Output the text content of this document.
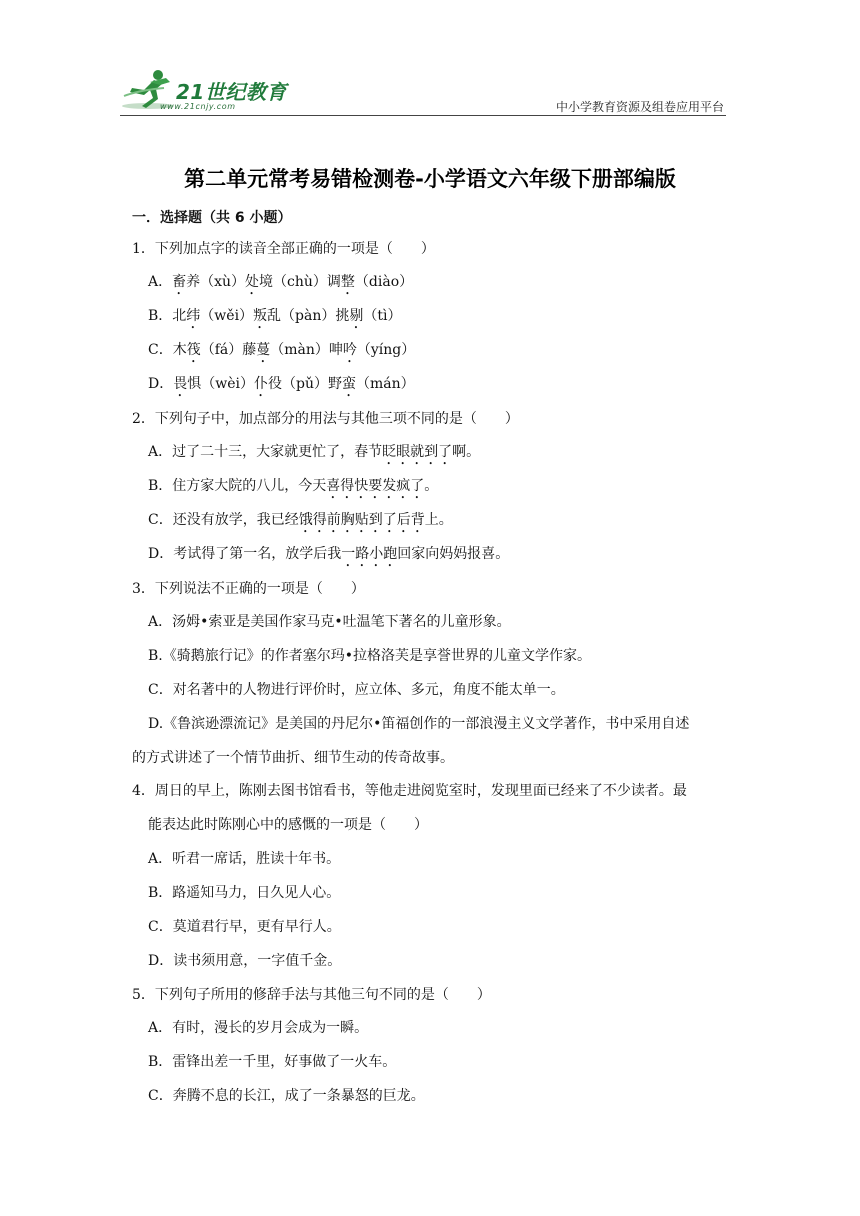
21世纪教育
www.21cnjy.com	中小学教育资源及组卷应用平台
第二单元常考易错检测卷-小学语文六年级下册部编版
一．选择题（共 6 小题）
1．下列加点字的读音全部正确的一项是（　　）
A．畜养（xù）处境（chù）调整（diào）
B．北纬（wěi）叛乱（pàn）挑剔（tì）
C．木筏（fá）藤蔓（màn）呻吟（yíng）
D．畏惧（wèi）仆役（pǔ）野蛮（mán）
2．下列句子中，加点部分的用法与其他三项不同的是（　　）
A．过了二十三，大家就更忙了，春节眨眼就到了啊。
B．住方家大院的八儿，今天喜得快要发疯了。
C．还没有放学，我已经饿得前胸贴到了后背上。
D．考试得了第一名，放学后我一路小跑回家向妈妈报喜。
3．下列说法不正确的一项是（　　）
A．汤姆•索亚是美国作家马克•吐温笔下著名的儿童形象。
B.《骑鹅旅行记》的作者塞尔玛•拉格洛芙是享誉世界的儿童文学作家。
C．对名著中的人物进行评价时，应立体、多元，角度不能太单一。
D.《鲁滨逊漂流记》是美国的丹尼尔•笛福创作的一部浪漫主义文学著作，书中采用自述
的方式讲述了一个情节曲折、细节生动的传奇故事。
4．周日的早上，陈刚去图书馆看书，等他走进阅览室时，发现里面已经来了不少读者。最
能表达此时陈刚心中的感慨的一项是（　　）
A．听君一席话，胜读十年书。
B．路遥知马力，日久见人心。
C．莫道君行早，更有早行人。
D．读书须用意，一字值千金。
5．下列句子所用的修辞手法与其他三句不同的是（　　）
A．有时，漫长的岁月会成为一瞬。
B．雷锋出差一千里，好事做了一火车。
C．奔腾不息的长江，成了一条暴怒的巨龙。
